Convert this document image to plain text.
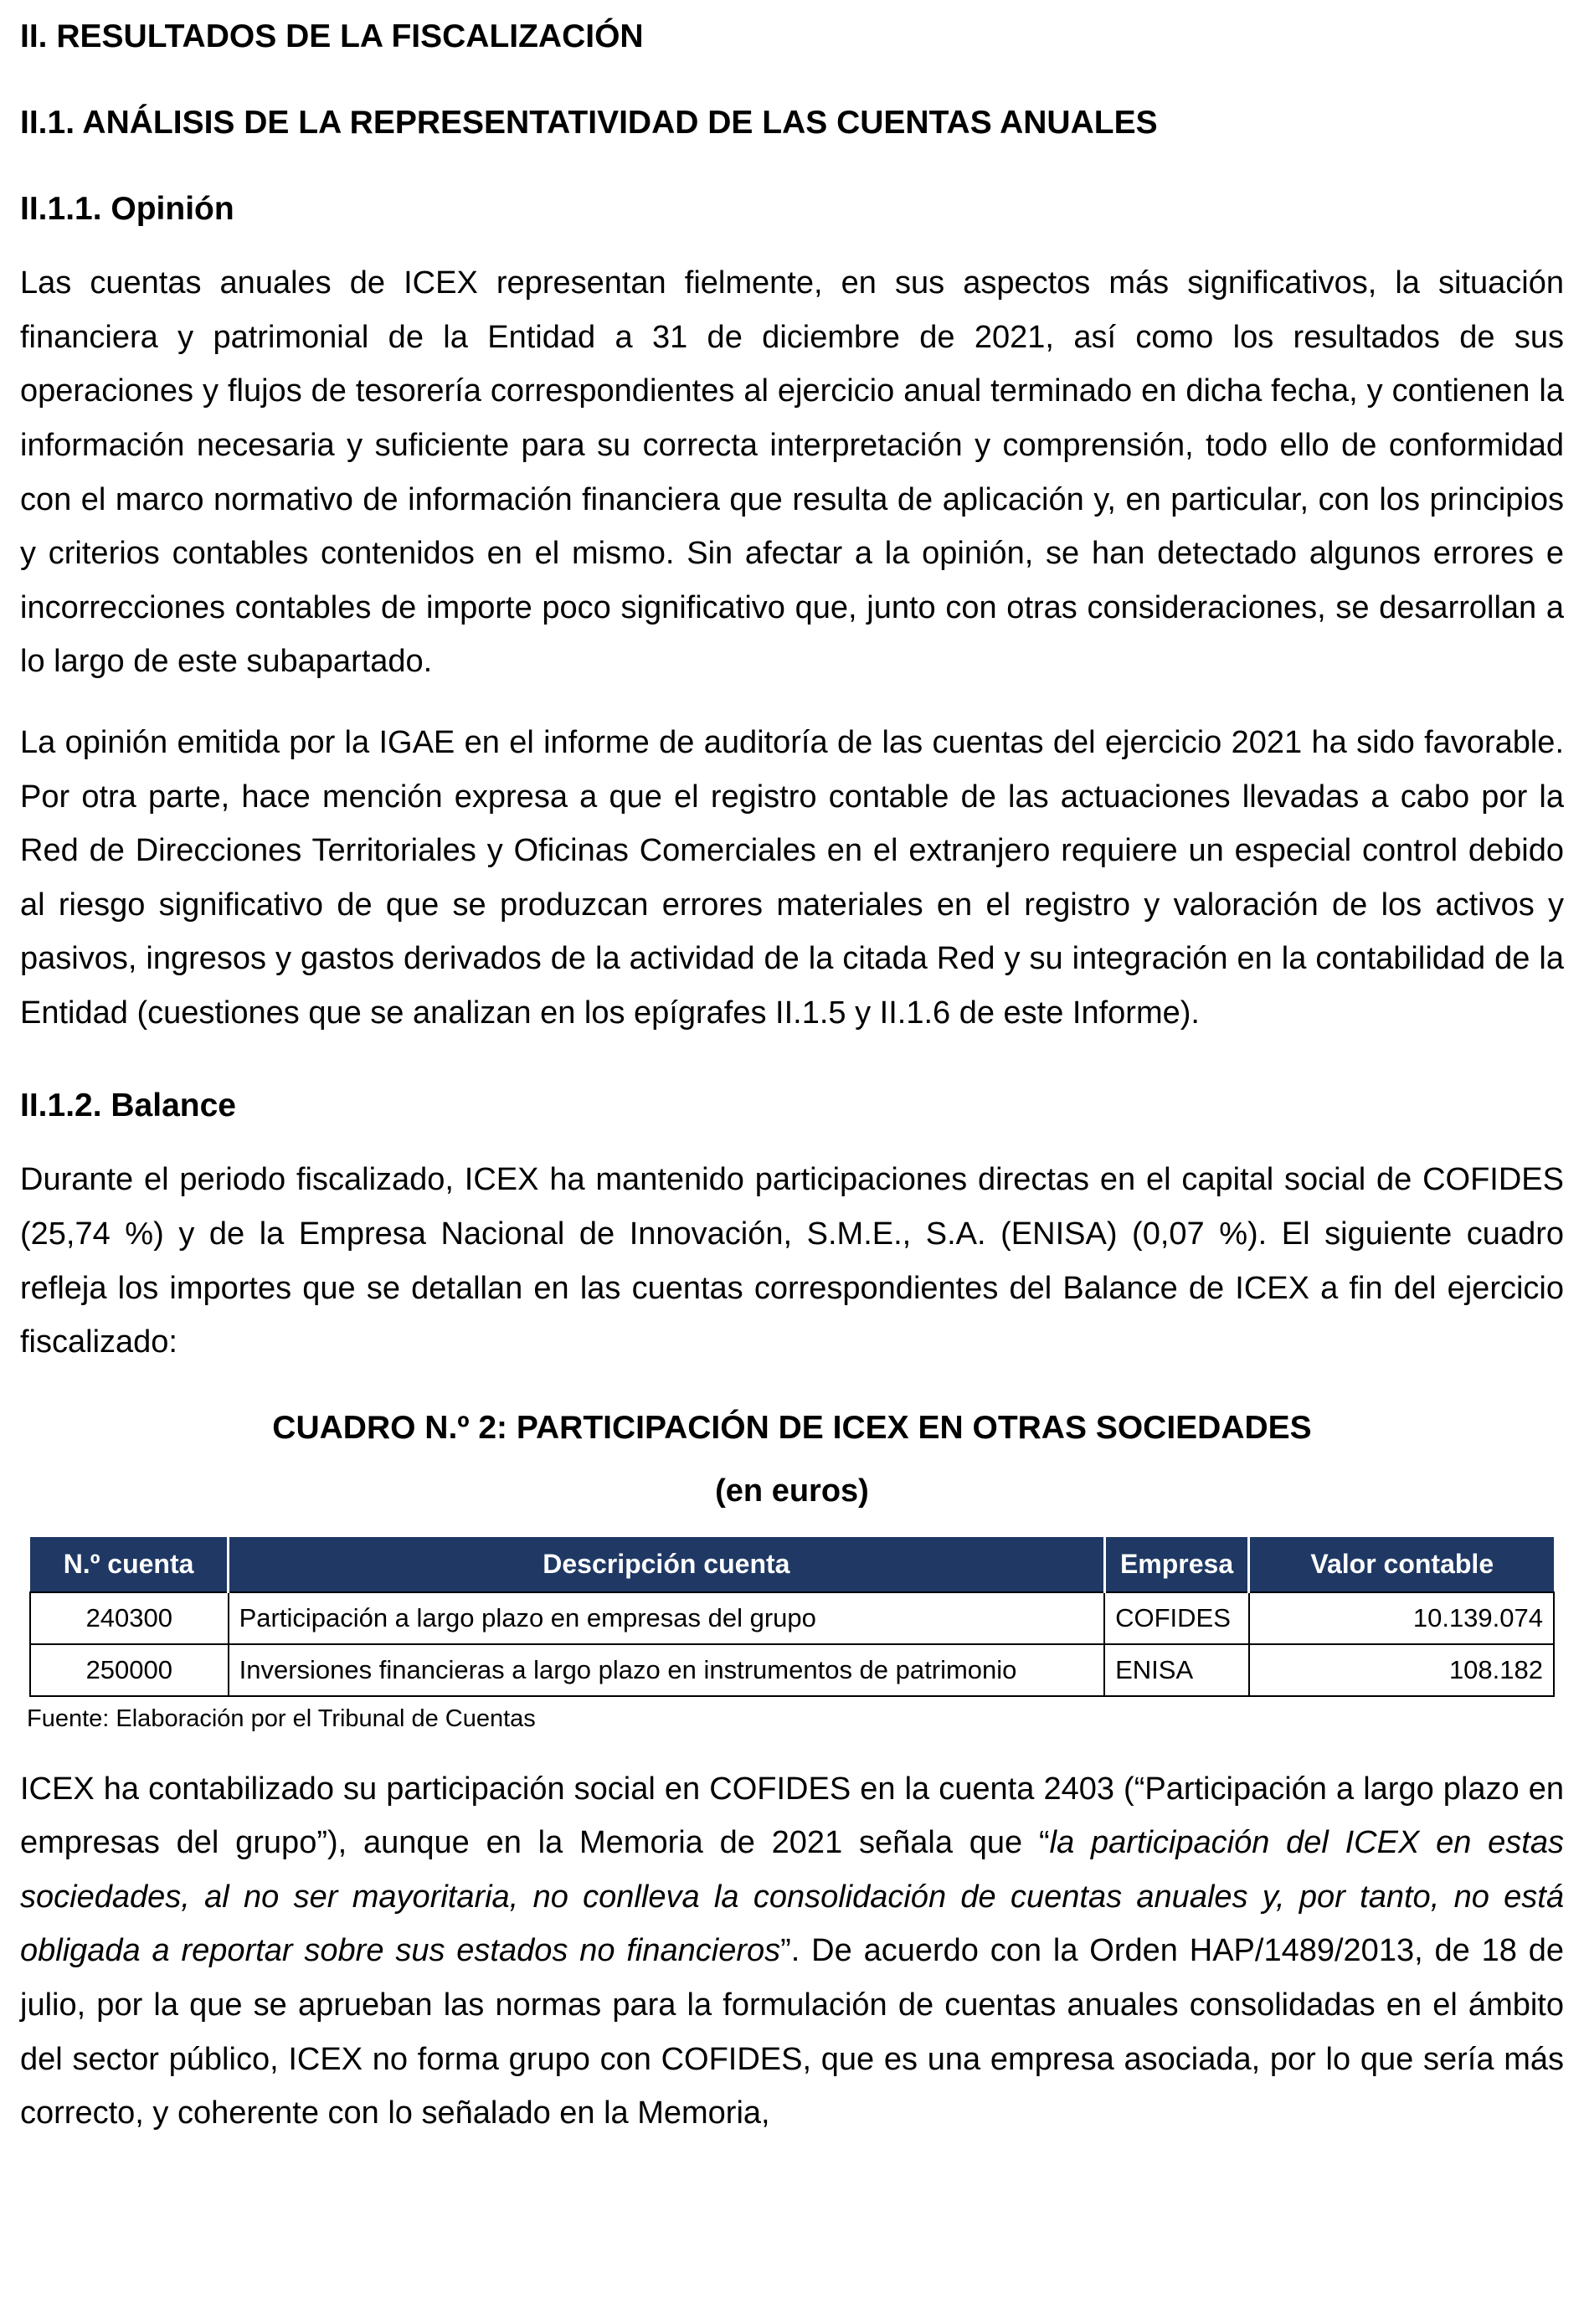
II. RESULTADOS DE LA FISCALIZACIÓN
II.1. ANÁLISIS DE LA REPRESENTATIVIDAD DE LAS CUENTAS ANUALES
II.1.1. Opinión

Las cuentas anuales de ICEX representan fielmente, en sus aspectos más significativos, la situación financiera y patrimonial de la Entidad a 31 de diciembre de 2021, así como los resultados de sus operaciones y flujos de tesorería correspondientes al ejercicio anual terminado en dicha fecha, y contienen la información necesaria y suficiente para su correcta interpretación y comprensión, todo ello de conformidad con el marco normativo de información financiera que resulta de aplicación y, en particular, con los principios y criterios contables contenidos en el mismo. Sin afectar a la opinión, se han detectado algunos errores e incorrecciones contables de importe poco significativo que, junto con otras consideraciones, se desarrollan a lo largo de este subapartado.

La opinión emitida por la IGAE en el informe de auditoría de las cuentas del ejercicio 2021 ha sido favorable. Por otra parte, hace mención expresa a que el registro contable de las actuaciones llevadas a cabo por la Red de Direcciones Territoriales y Oficinas Comerciales en el extranjero requiere un especial control debido al riesgo significativo de que se produzcan errores materiales en el registro y valoración de los activos y pasivos, ingresos y gastos derivados de la actividad de la citada Red y su integración en la contabilidad de la Entidad (cuestiones que se analizan en los epígrafes II.1.5 y II.1.6 de este Informe).

II.1.2. Balance

Durante el periodo fiscalizado, ICEX ha mantenido participaciones directas en el capital social de COFIDES (25,74 %) y de la Empresa Nacional de Innovación, S.M.E., S.A. (ENISA) (0,07 %). El siguiente cuadro refleja los importes que se detallan en las cuentas correspondientes del Balance de ICEX a fin del ejercicio fiscalizado:

CUADRO N.º 2: PARTICIPACIÓN DE ICEX EN OTRAS SOCIEDADES
(en euros)
N.º cuenta	Descripción cuenta	Empresa	Valor contable
240300	Participación a largo plazo en empresas del grupo	COFIDES	10.139.074
250000	Inversiones financieras a largo plazo en instrumentos de patrimonio	ENISA	108.182
Fuente: Elaboración por el Tribunal de Cuentas

ICEX ha contabilizado su participación social en COFIDES en la cuenta 2403 (“Participación a largo plazo en empresas del grupo”), aunque en la Memoria de 2021 señala que “la participación del ICEX en estas sociedades, al no ser mayoritaria, no conlleva la consolidación de cuentas anuales y, por tanto, no está obligada a reportar sobre sus estados no financieros”. De acuerdo con la Orden HAP/1489/2013, de 18 de julio, por la que se aprueban las normas para la formulación de cuentas anuales consolidadas en el ámbito del sector público, ICEX no forma grupo con COFIDES, que es una empresa asociada, por lo que sería más correcto, y coherente con lo señalado en la Memoria,
